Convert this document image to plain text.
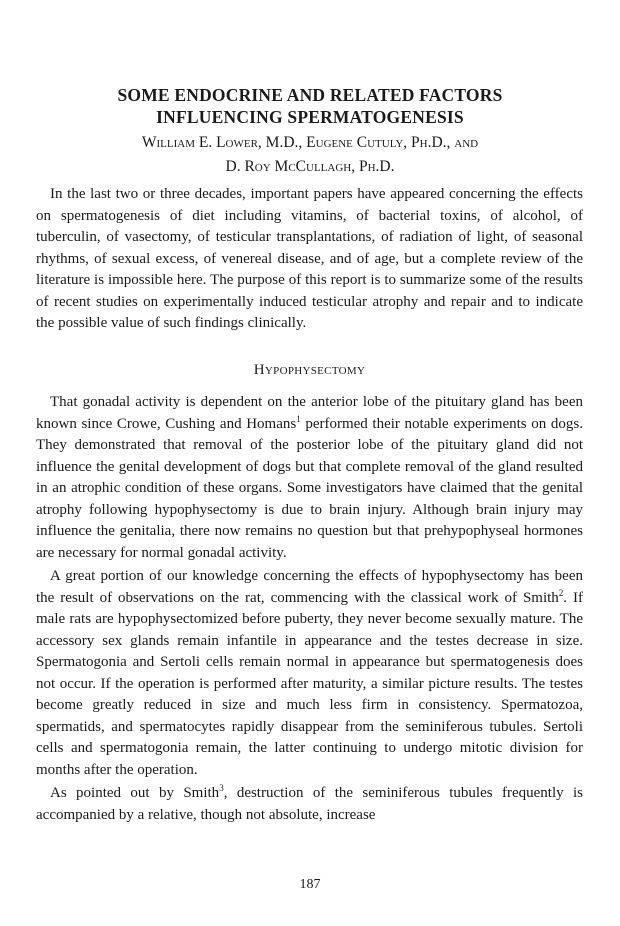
SOME ENDOCRINE AND RELATED FACTORS
INFLUENCING SPERMATOGENESIS
William E. Lower, M.D., Eugene Cutuly, Ph.D., and
D. Roy McCullagh, Ph.D.

In the last two or three decades, important papers have appeared concerning the effects on spermatogenesis of diet including vitamins, of bacterial toxins, of alcohol, of tuberculin, of vasectomy, of testicular transplantations, of radiation of light, of seasonal rhythms, of sexual excess, of venereal disease, and of age, but a complete review of the literature is impossible here. The purpose of this report is to summarize some of the results of recent studies on experimentally induced testicular atrophy and repair and to indicate the possible value of such findings clinically.

Hypophysectomy

That gonadal activity is dependent on the anterior lobe of the pituitary gland has been known since Crowe, Cushing and Homans$^1$ performed their notable experiments on dogs. They demonstrated that removal of the posterior lobe of the pituitary gland did not influence the genital development of dogs but that complete removal of the gland resulted in an atrophic condition of these organs. Some investigators have claimed that the genital atrophy following hypophysectomy is due to brain injury. Although brain injury may influence the genitalia, there now remains no question but that prehypophyseal hormones are necessary for normal gonadal activity.

A great portion of our knowledge concerning the effects of hypophysectomy has been the result of observations on the rat, commencing with the classical work of Smith$^2$. If male rats are hypophysectomized before puberty, they never become sexually mature. The accessory sex glands remain infantile in appearance and the testes decrease in size. Spermatogonia and Sertoli cells remain normal in appearance but spermatogenesis does not occur. If the operation is performed after maturity, a similar picture results. The testes become greatly reduced in size and much less firm in consistency. Spermatozoa, spermatids, and spermatocytes rapidly disappear from the seminiferous tubules. Sertoli cells and spermatogonia remain, the latter continuing to undergo mitotic division for months after the operation.

As pointed out by Smith$^3$, destruction of the seminiferous tubules frequently is accompanied by a relative, though not absolute, increase

187
